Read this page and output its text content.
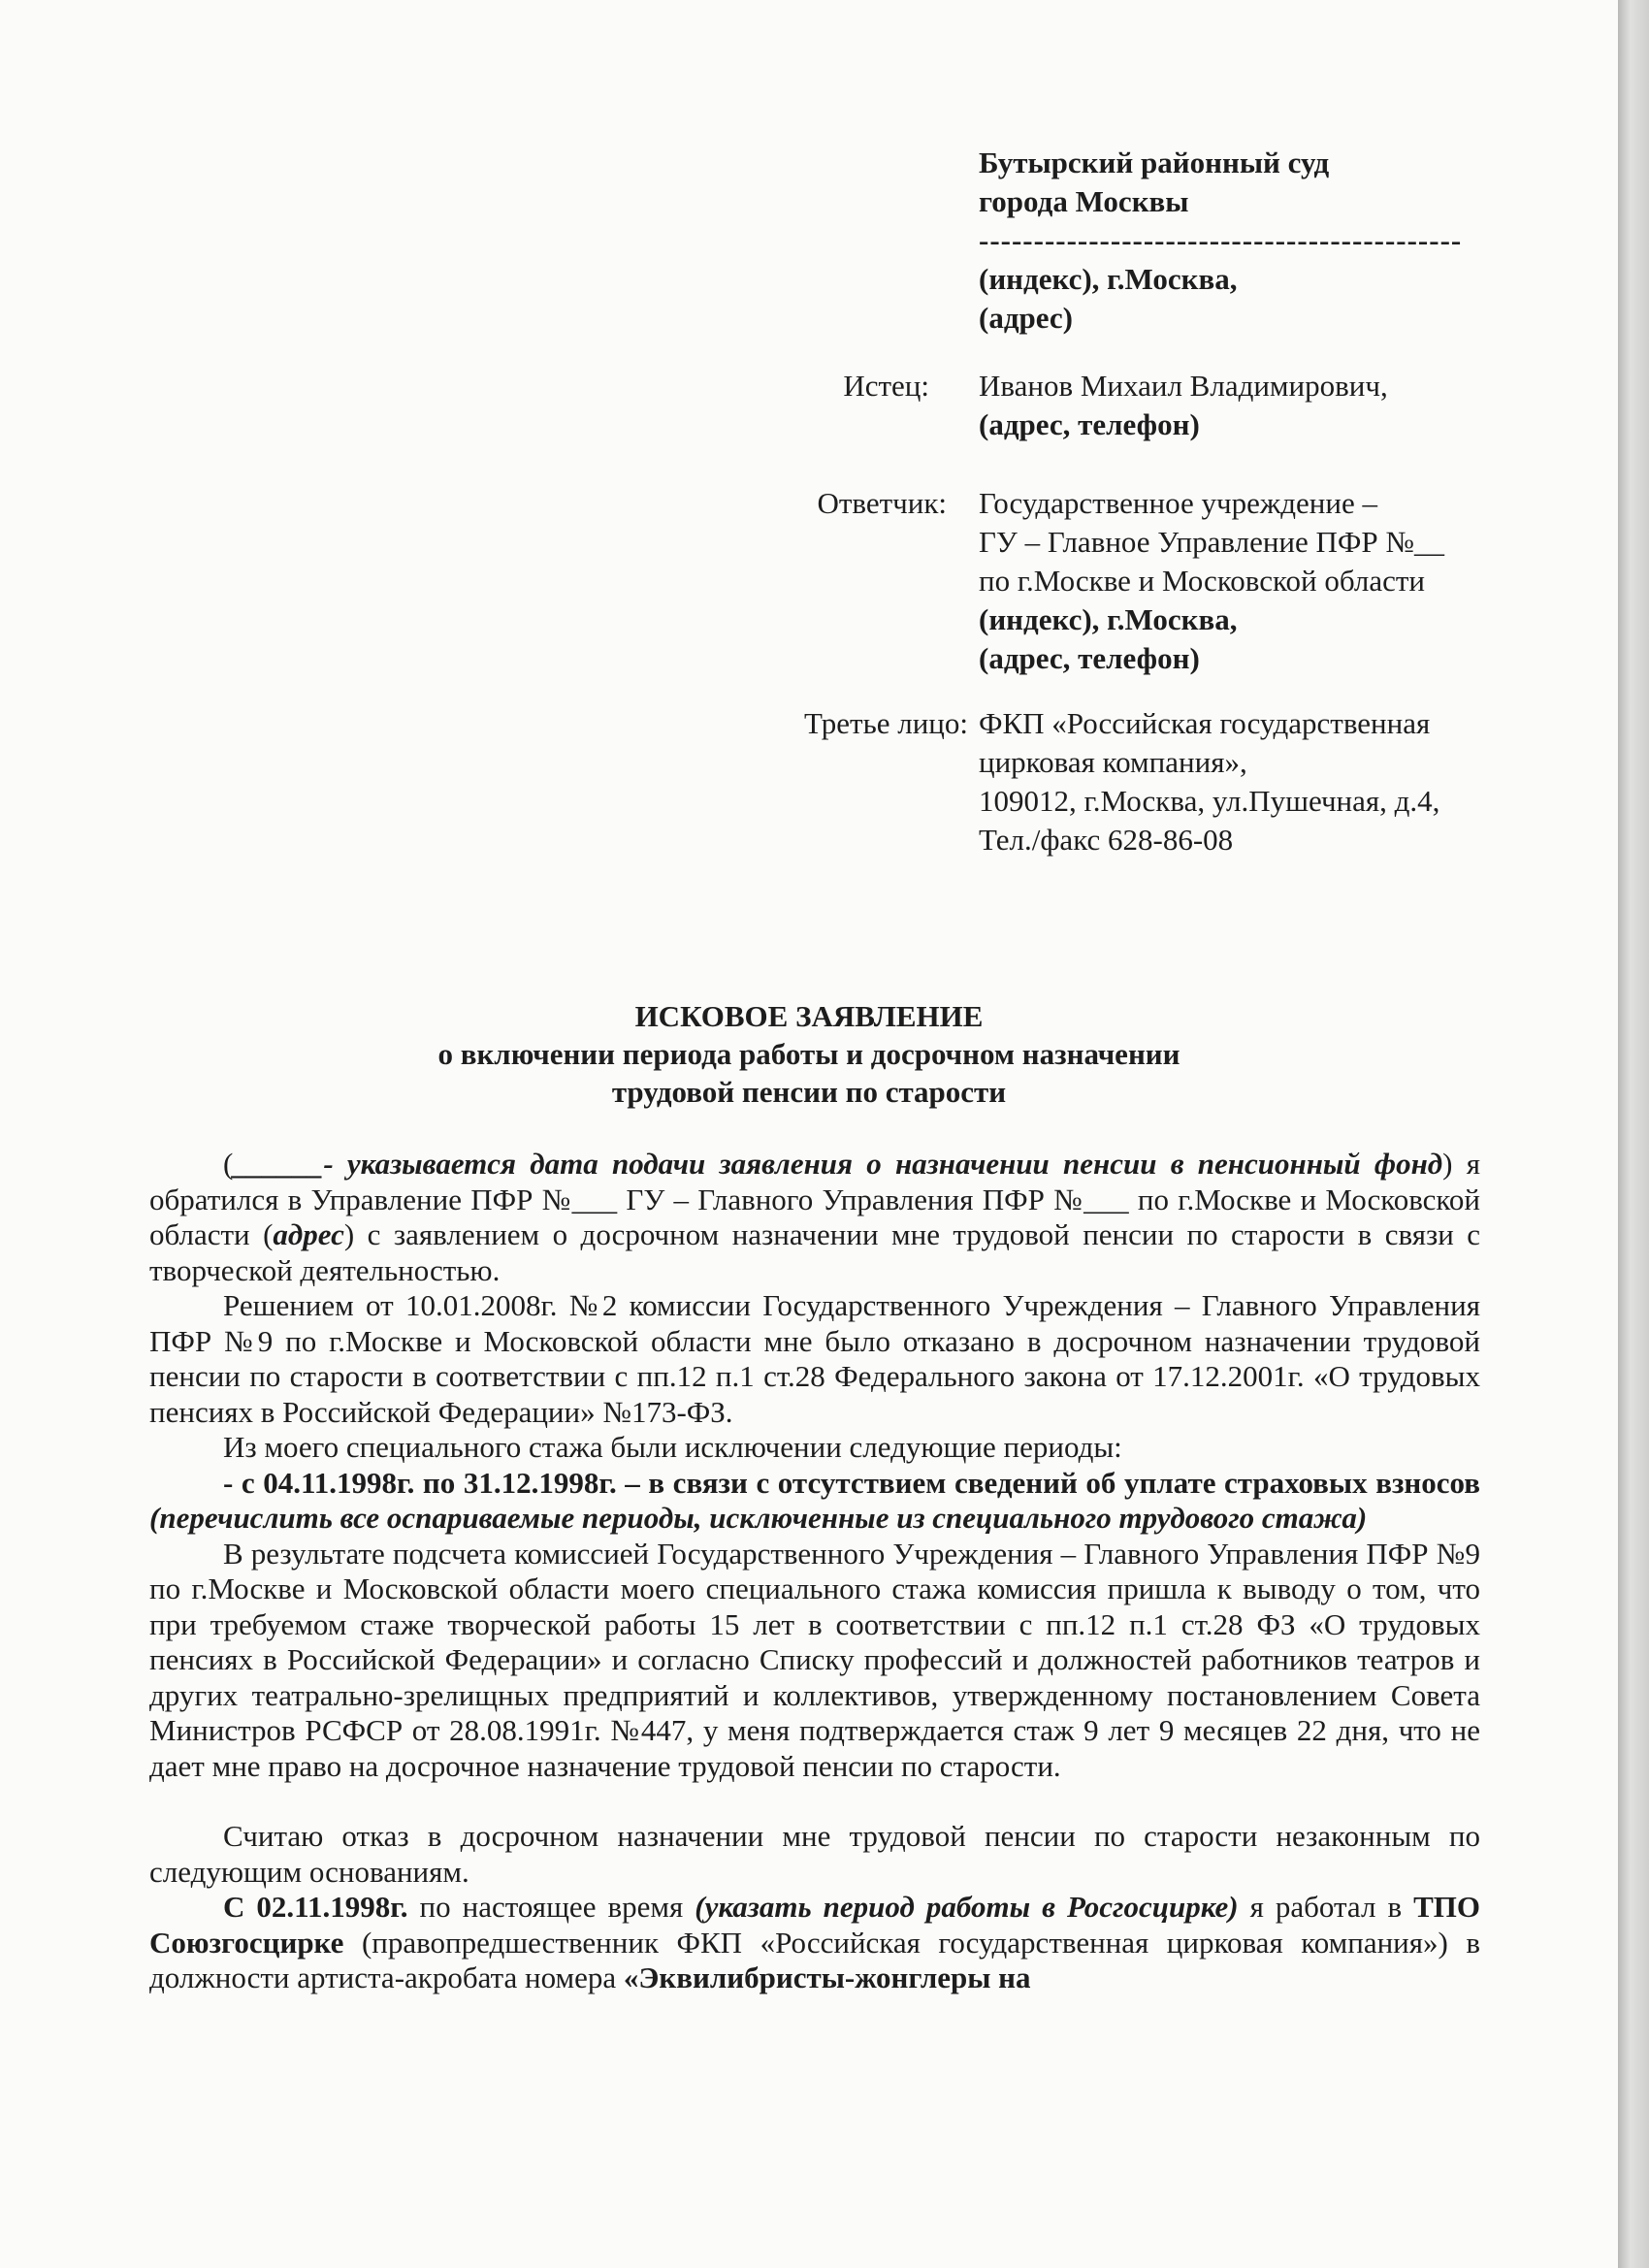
Бутырский районный суд
города Москвы
--------------------------------------------
(индекс), г.Москва,
(адрес)
Истец: Иванов Михаил Владимирович,
(адрес, телефон)
Ответчик: Государственное учреждение –
ГУ – Главное Управление ПФР №__
по г.Москве и Московской области
(индекс), г.Москва,
(адрес, телефон)
Третье лицо: ФКП «Российская государственная
цирковая компания»,
109012, г.Москва, ул.Пушечная, д.4,
Тел./факс 628-86-08
ИСКОВОЕ ЗАЯВЛЕНИЕ
о включении периода работы и досрочном назначении
трудовой пенсии по старости

(______- указывается дата подачи заявления о назначении пенсии в пенсионный фонд) я обратился в Управление ПФР №___ ГУ – Главного Управления ПФР №___ по г.Москве и Московской области (адрес) с заявлением о досрочном назначении мне трудовой пенсии по старости в связи с творческой деятельностью.

Решением от 10.01.2008г. №2 комиссии Государственного Учреждения – Главного Управления ПФР №9 по г.Москве и Московской области мне было отказано в досрочном назначении трудовой пенсии по старости в соответствии с пп.12 п.1 ст.28 Федерального закона от 17.12.2001г. «О трудовых пенсиях в Российской Федерации» №173-ФЗ.

Из моего специального стажа были исключении следующие периоды:

- с 04.11.1998г. по 31.12.1998г. – в связи с отсутствием сведений об уплате страховых взносов (перечислить все оспариваемые периоды, исключенные из специального трудового стажа)

В результате подсчета комиссией Государственного Учреждения – Главного Управления ПФР №9 по г.Москве и Московской области моего специального стажа комиссия пришла к выводу о том, что при требуемом стаже творческой работы 15 лет в соответствии с пп.12 п.1 ст.28 ФЗ «О трудовых пенсиях в Российской Федерации» и согласно Списку профессий и должностей работников театров и других театрально-зрелищных предприятий и коллективов, утвержденному постановлением Совета Министров РСФСР от 28.08.1991г. №447, у меня подтверждается стаж 9 лет 9 месяцев 22 дня, что не дает мне право на досрочное назначение трудовой пенсии по старости.

Считаю отказ в досрочном назначении мне трудовой пенсии по старости незаконным по следующим основаниям.

С 02.11.1998г. по настоящее время (указать период работы в Росгосцирке) я работал в ТПО Союзгосцирке (правопредшественник ФКП «Российская государственная цирковая компания») в должности артиста-акробата номера «Эквилибристы-жонглеры на
